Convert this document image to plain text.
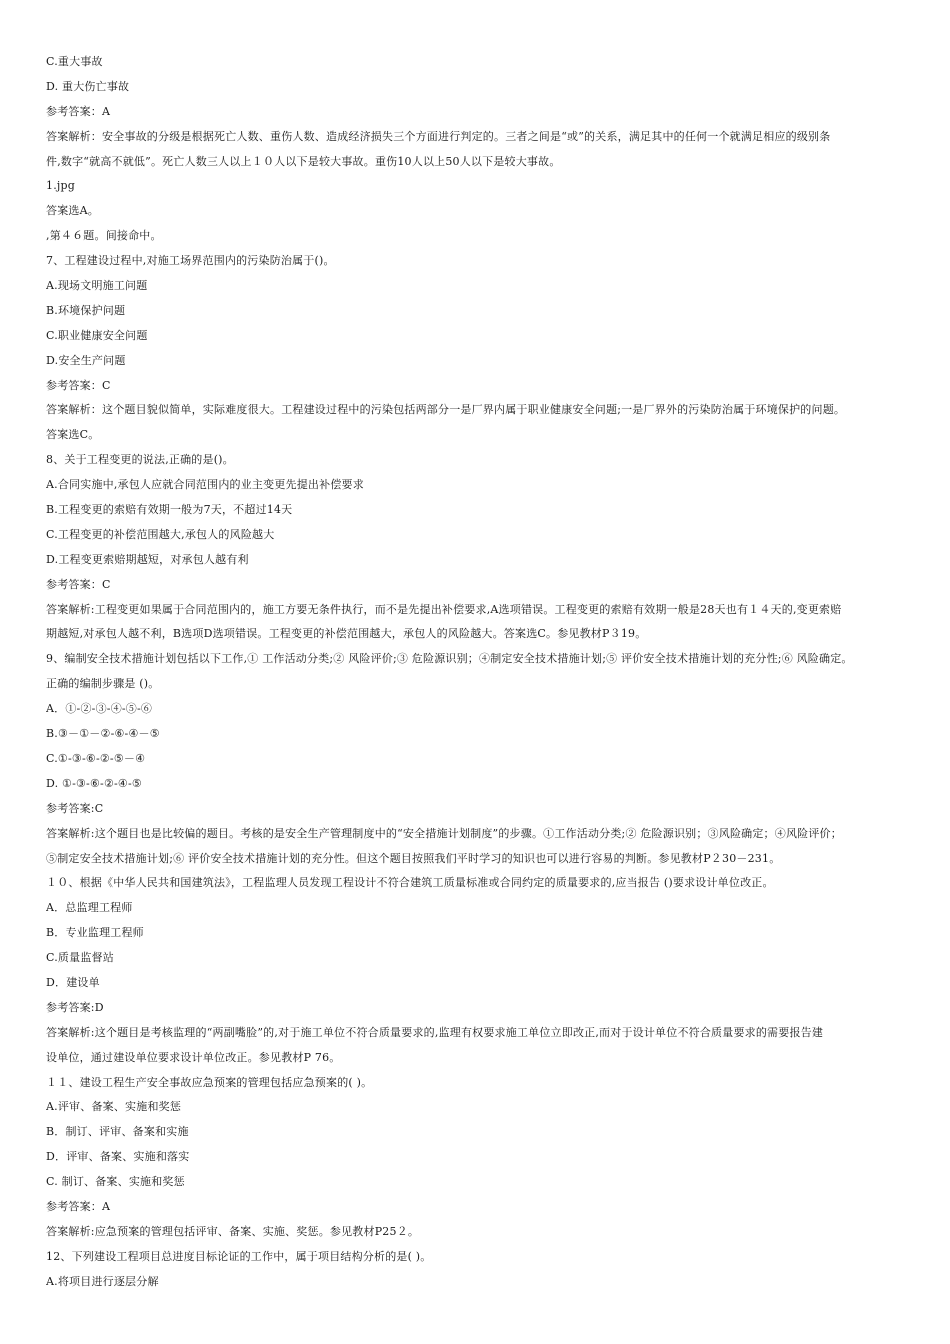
C.重大事故
D. 重大伤亡事故
参考答案：A
答案解析：安全事故的分级是根据死亡人数、重伤人数、造成经济损失三个方面进行判定的。三者之间是“或”的关系，满足其中的任何一个就满足相应的级别条
件,数字“就高不就低”。死亡人数三人以上１０人以下是较大事故。重伤10人以上50人以下是较大事故。
1.jpg
答案选A。
,第４６题。间接命中。
7、工程建设过程中,对施工场界范围内的污染防治属于()。
A.现场文明施工问题
B.环境保护问题
C.职业健康安全问题
D.安全生产问题
参考答案：C
答案解析：这个题目貌似简单，实际难度很大。工程建设过程中的污染包括两部分一是厂界内属于职业健康安全问题;一是厂界外的污染防治属于环境保护的问题。
答案选C。
8、关于工程变更的说法,正确的是()。
A.合同实施中,承包人应就合同范围内的业主变更先提出补偿要求
B.工程变更的索赔有效期一般为7天，不超过14天
C.工程变更的补偿范围越大,承包人的风险越大
D.工程变更索赔期越短，对承包人越有利
参考答案：C
答案解析:工程变更如果属于合同范围内的，施工方要无条件执行，而不是先提出补偿要求,A选项错误。工程变更的索赔有效期一般是28天也有１４天的,变更索赔
期越短,对承包人越不利，B选项D选项错误。工程变更的补偿范围越大，承包人的风险越大。答案选C。参见教材P３19。
9、编制安全技术措施计划包括以下工作,① 工作活动分类;② 风险评价;③ 危险源识别；④制定安全技术措施计划;⑤ 评价安全技术措施计划的充分性;⑥ 风险确定。
正确的编制步骤是 ()。
A．①-②-③-④-⑤-⑥
B.③－①－②-⑥-④－⑤
C.①-③-⑥-②-⑤－④
D. ①-③-⑥-②-④-⑤
参考答案:C
答案解析:这个题目也是比较偏的题目。考核的是安全生产管理制度中的“安全措施计划制度”的步骤。①工作活动分类;② 危险源识别；③风险确定；④风险评价；
⑤制定安全技术措施计划;⑥ 评价安全技术措施计划的充分性。但这个题目按照我们平时学习的知识也可以进行容易的判断。参见教材P２30－231。
１０、根据《中华人民共和国建筑法》，工程监理人员发现工程设计不符合建筑工质量标准或合同约定的质量要求的,应当报告 ()要求设计单位改正。
A．总监理工程师
B．专业监理工程师
C.质量监督站
D．建设单
参考答案:D
答案解析:这个题目是考核监理的“两副嘴脸”的,对于施工单位不符合质量要求的,监理有权要求施工单位立即改正,而对于设计单位不符合质量要求的需要报告建
设单位，通过建设单位要求设计单位改正。参见教材P 76。
１１、建设工程生产安全事故应急预案的管理包括应急预案的( )。
A.评审、备案、实施和奖惩
B．制订、评审、备案和实施
D．评审、备案、实施和落实
C. 制订、备案、实施和奖惩
参考答案：A
答案解析:应急预案的管理包括评审、备案、实施、奖惩。参见教材P25２。
12、下列建设工程项目总进度目标论证的工作中，属于项目结构分析的是( )。
A.将项目进行逐层分解
